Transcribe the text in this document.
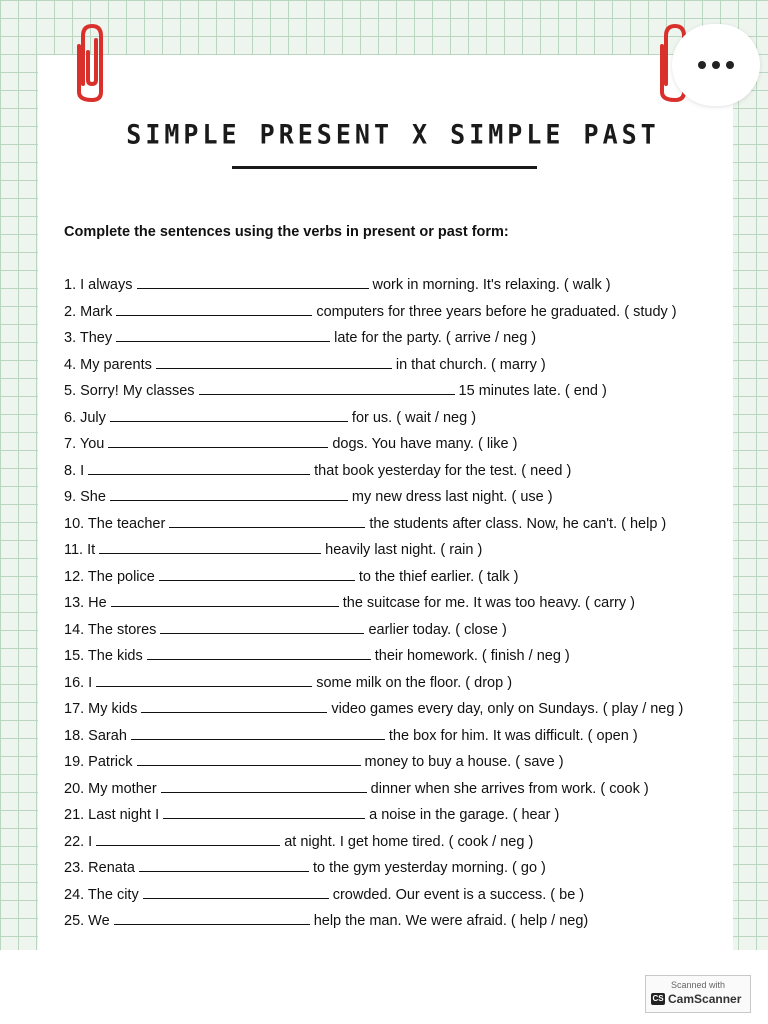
SIMPLE PRESENT X SIMPLE PAST
Complete the sentences using the verbs in present or past form:
1. I always	work in morning. It's relaxing. ( walk )
2. Mark	computers for three years before he graduated. ( study )
3. They	late for the party. ( arrive / neg )
4. My parents	in that church. ( marry )
5. Sorry! My classes	15 minutes late. ( end )
6. July	for us. ( wait / neg )
7. You	dogs. You have many. ( like )
8. I	that book yesterday for the test. ( need )
9. She	my new dress last night. ( use )
10. The teacher	the students after class. Now, he can't. ( help )
11. It	heavily last night. ( rain )
12. The police	to the thief earlier. ( talk )
13. He	the suitcase for me. It was too heavy. ( carry )
14. The stores	earlier today. ( close )
15. The kids	their homework. ( finish / neg )
16. I	some milk on the floor. ( drop )
17. My kids	video games every day, only on Sundays. ( play / neg )
18. Sarah	the box for him. It was difficult. ( open )
19. Patrick	money to buy a house. ( save )
20. My mother	dinner when she arrives from work. ( cook )
21. Last night I	a noise in the garage. ( hear )
22. I	at night. I get home tired. ( cook / neg )
23. Renata	to the gym yesterday morning. ( go )
24. The city	crowded. Our event is a success. ( be )
25. We	help the man. We were afraid. ( help / neg)
Scanned with
CS CamScanner
